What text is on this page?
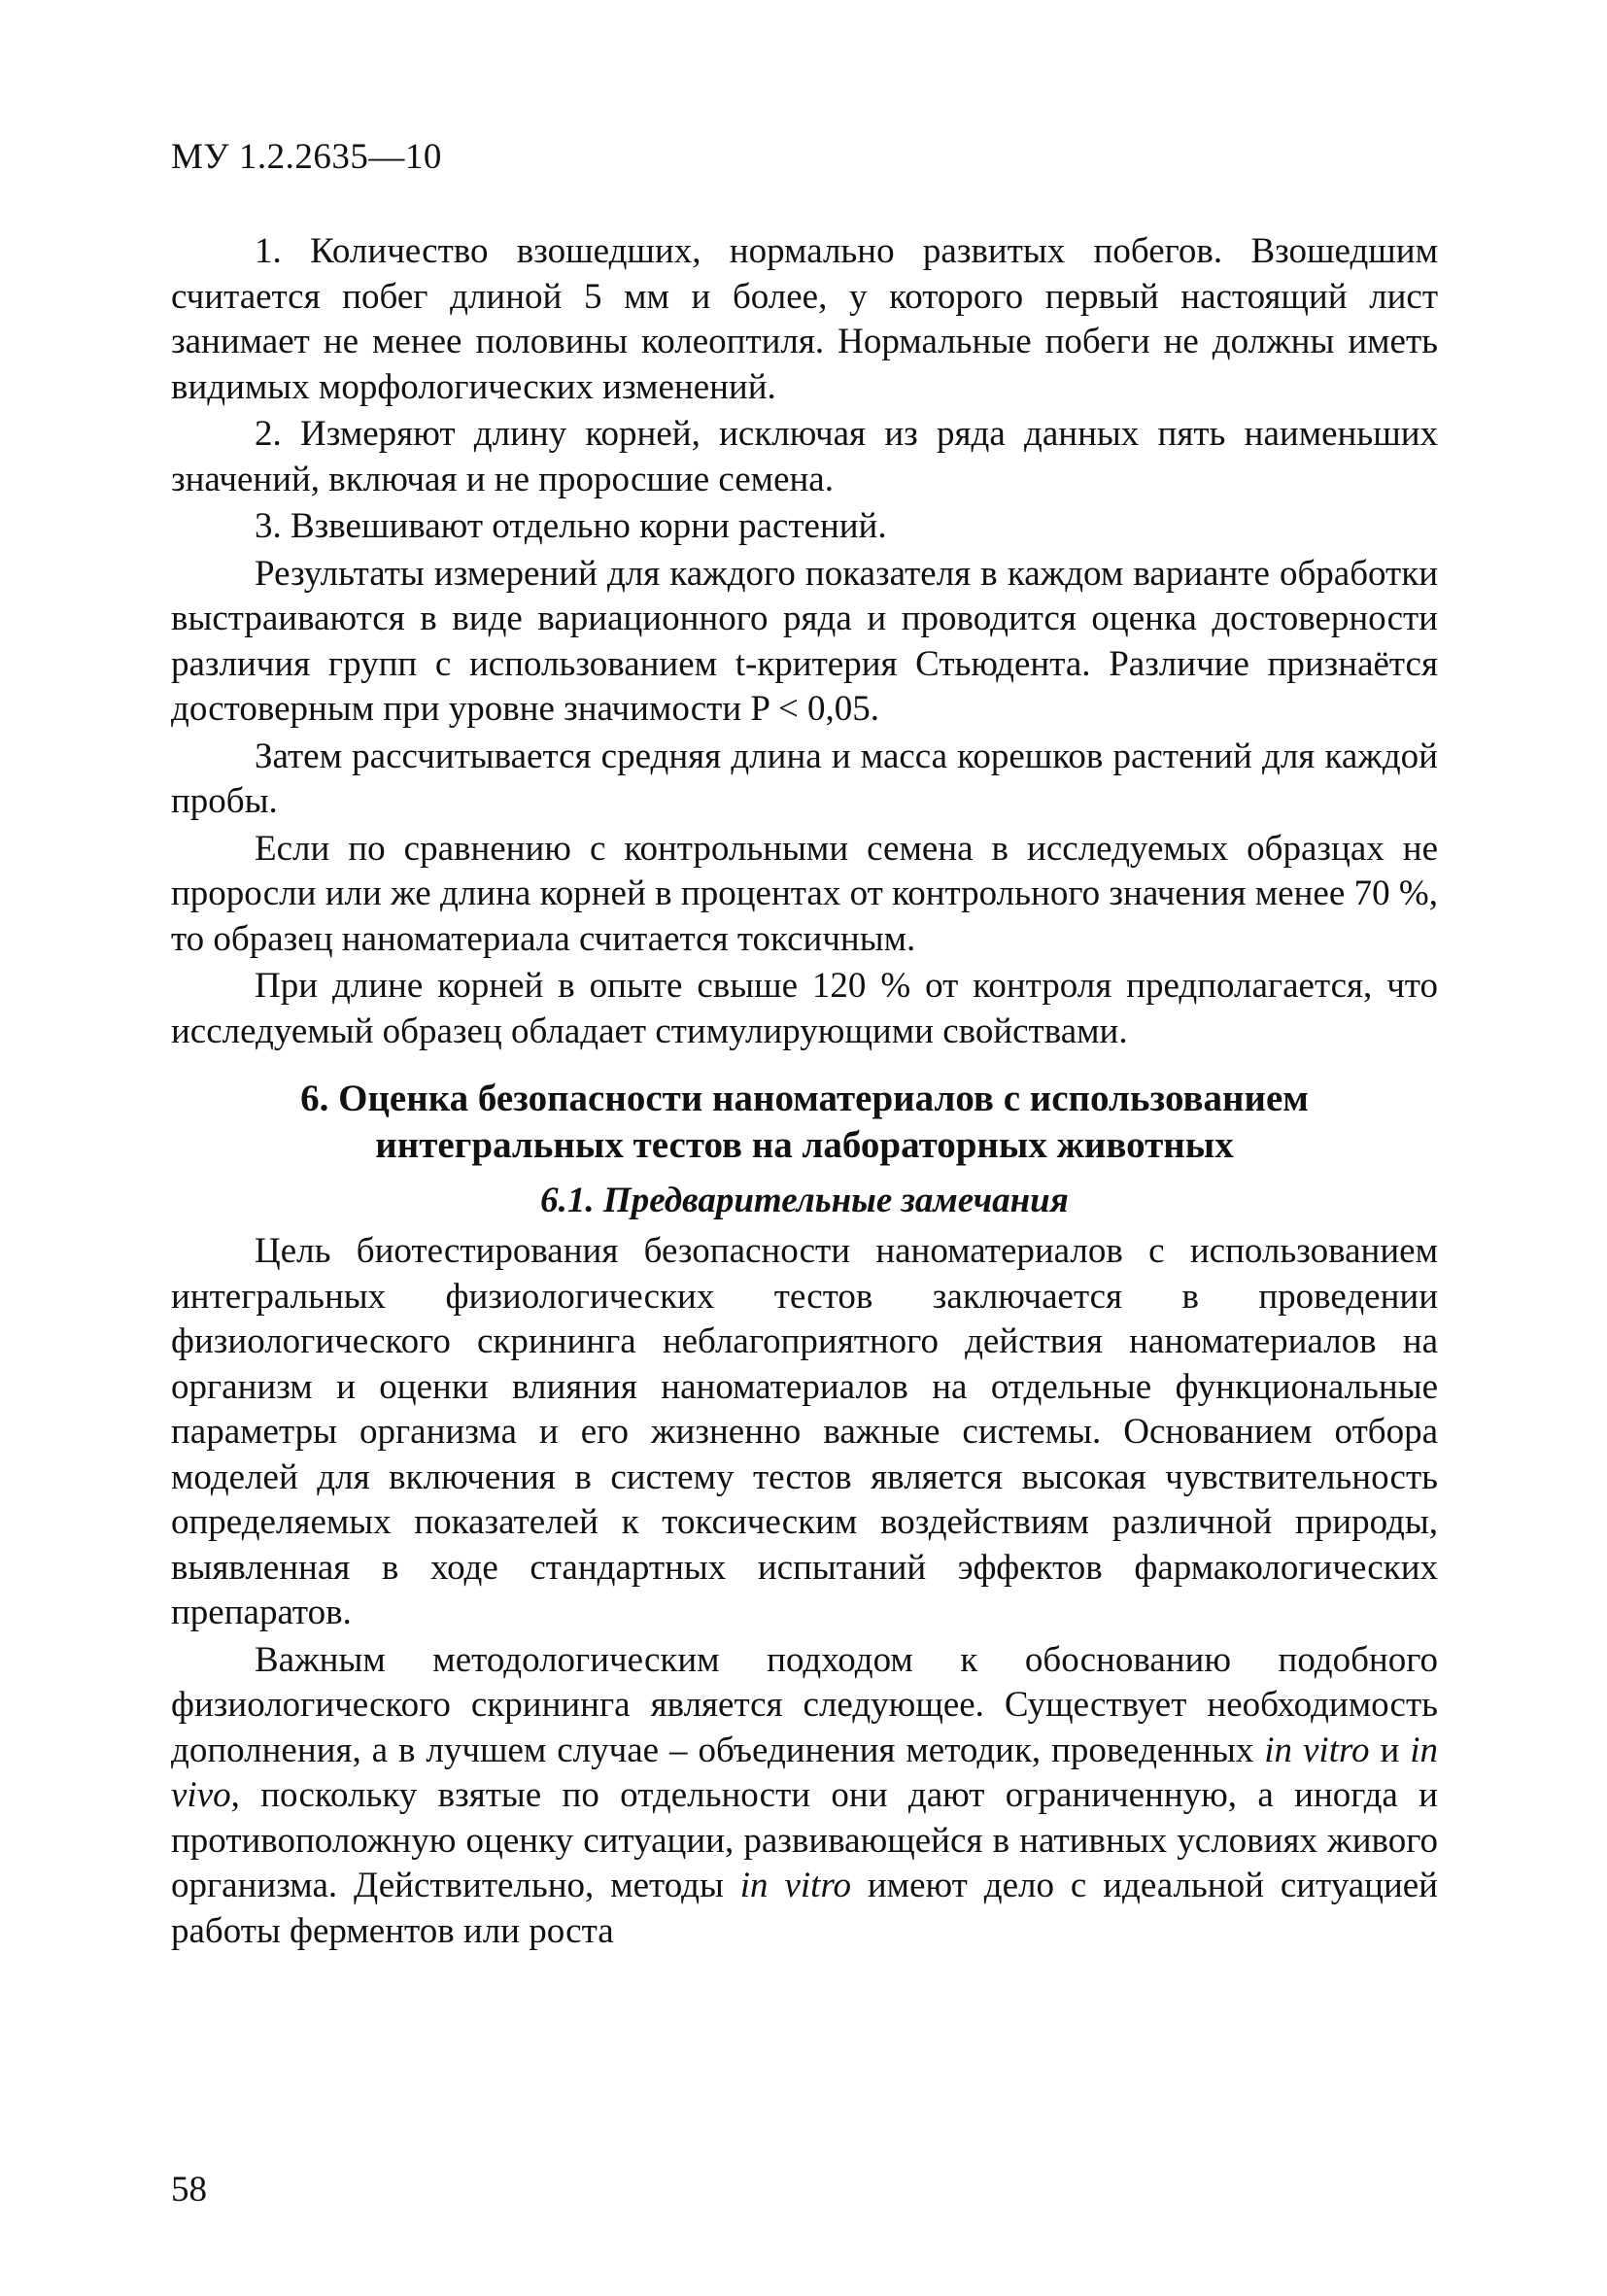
МУ 1.2.2635—10

1. Количество взошедших, нормально развитых побегов. Взошедшим считается побег длиной 5 мм и более, у которого первый настоящий лист занимает не менее половины колеоптиля. Нормальные побеги не должны иметь видимых морфологических изменений.

2. Измеряют длину корней, исключая из ряда данных пять наименьших значений, включая и не проросшие семена.

3. Взвешивают отдельно корни растений.

Результаты измерений для каждого показателя в каждом варианте обработки выстраиваются в виде вариационного ряда и проводится оценка достоверности различия групп с использованием t-критерия Стьюдента. Различие признаётся достоверным при уровне значимости P < 0,05.

Затем рассчитывается средняя длина и масса корешков растений для каждой пробы.

Если по сравнению с контрольными семена в исследуемых образцах не проросли или же длина корней в процентах от контрольного значения менее 70 %, то образец наноматериала считается токсичным.

При длине корней в опыте свыше 120 % от контроля предполагается, что исследуемый образец обладает стимулирующими свойствами.

6. Оценка безопасности наноматериалов с использованием
интегральных тестов на лабораторных животных
6.1. Предварительные замечания

Цель биотестирования безопасности наноматериалов с использованием интегральных физиологических тестов заключается в проведении физиологического скрининга неблагоприятного действия наноматериалов на организм и оценки влияния наноматериалов на отдельные функциональные параметры организма и его жизненно важные системы. Основанием отбора моделей для включения в систему тестов является высокая чувствительность определяемых показателей к токсическим воздействиям различной природы, выявленная в ходе стандартных испытаний эффектов фармакологических препаратов.

Важным методологическим подходом к обоснованию подобного физиологического скрининга является следующее. Существует необходимость дополнения, а в лучшем случае – объединения методик, проведенных in vitro и in vivo, поскольку взятые по отдельности они дают ограниченную, а иногда и противоположную оценку ситуации, развивающейся в нативных условиях живого организма. Действительно, методы in vitro имеют дело с идеальной ситуацией работы ферментов или роста

58
